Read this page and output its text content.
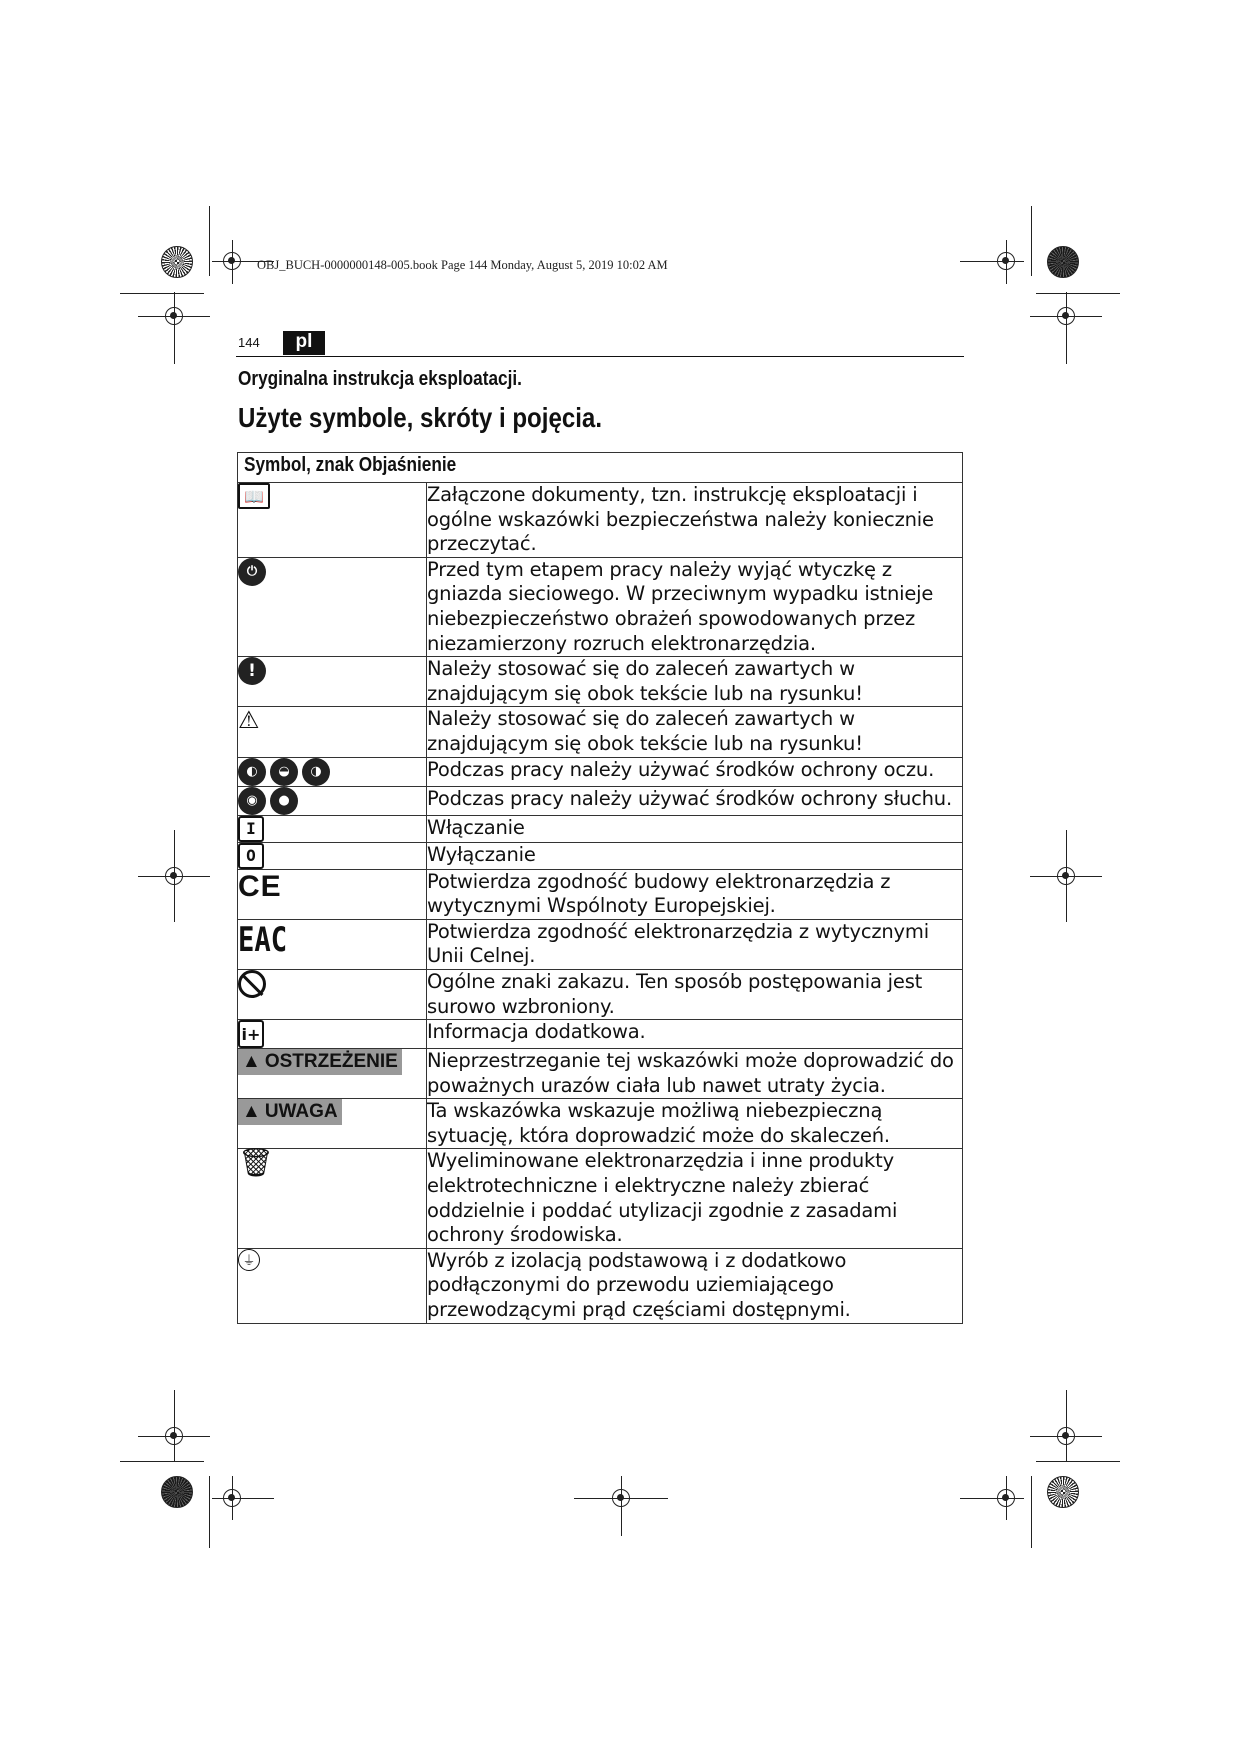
OBJ_BUCH-0000000148-005.book Page 144 Monday, August 5, 2019 10:02 AM
144	pl
Oryginalna instrukcja eksploatacji.
Użyte symbole, skróty i pojęcia.
Symbol, znak Objaśnienie	
📖	Załączone dokumenty, tzn. instrukcję eksploatacji i ogólne wskazówki bezpieczeństwa należy koniecznie przeczytać.
⏻	Przed tym etapem pracy należy wyjąć wtyczkę z gniazda sieciowego. W przeciwnym wypadku istnieje niebezpieczeństwo obrażeń spowodowanych przez niezamierzony rozruch elektronarzędzia.
!	Należy stosować się do zaleceń zawartych w znajdującym się obok tekście lub na rysunku!
⚠	Należy stosować się do zaleceń zawartych w znajdującym się obok tekście lub na rysunku!

◐ ◒ ◑	Podczas pracy należy używać środków ochrony oczu.

◉ ●	Podczas pracy należy używać środków ochrony słuchu.
I	Włączanie
O	Wyłączanie
CE	Potwierdza zgodność budowy elektronarzędzia z wytycznymi Wspólnoty Europejskiej.
EAC	Potwierdza zgodność elektronarzędzia z wytycznymi Unii Celnej.
	Ogólne znaki zakazu. Ten sposób postępowania jest surowo wzbroniony.
i+	Informacja dodatkowa.

▲ OSTRZEŻENIE	Nieprzestrzeganie tej wskazówki może doprowadzić do poważnych urazów ciała lub nawet utraty życia.

▲ UWAGA	Ta wskazówka wskazuje możliwą niebezpieczną sytuację, która doprowadzić może do skaleczeń.
🗑	Wyeliminowane elektronarzędzia i inne produkty elektrotechniczne i elektryczne należy zbierać oddzielnie i poddać utylizacji zgodnie z zasadami ochrony środowiska.
⏚	Wyrób z izolacją podstawową i z dodatkowo podłączonymi do przewodu uziemiającego przewodzącymi prąd częściami dostępnymi.
